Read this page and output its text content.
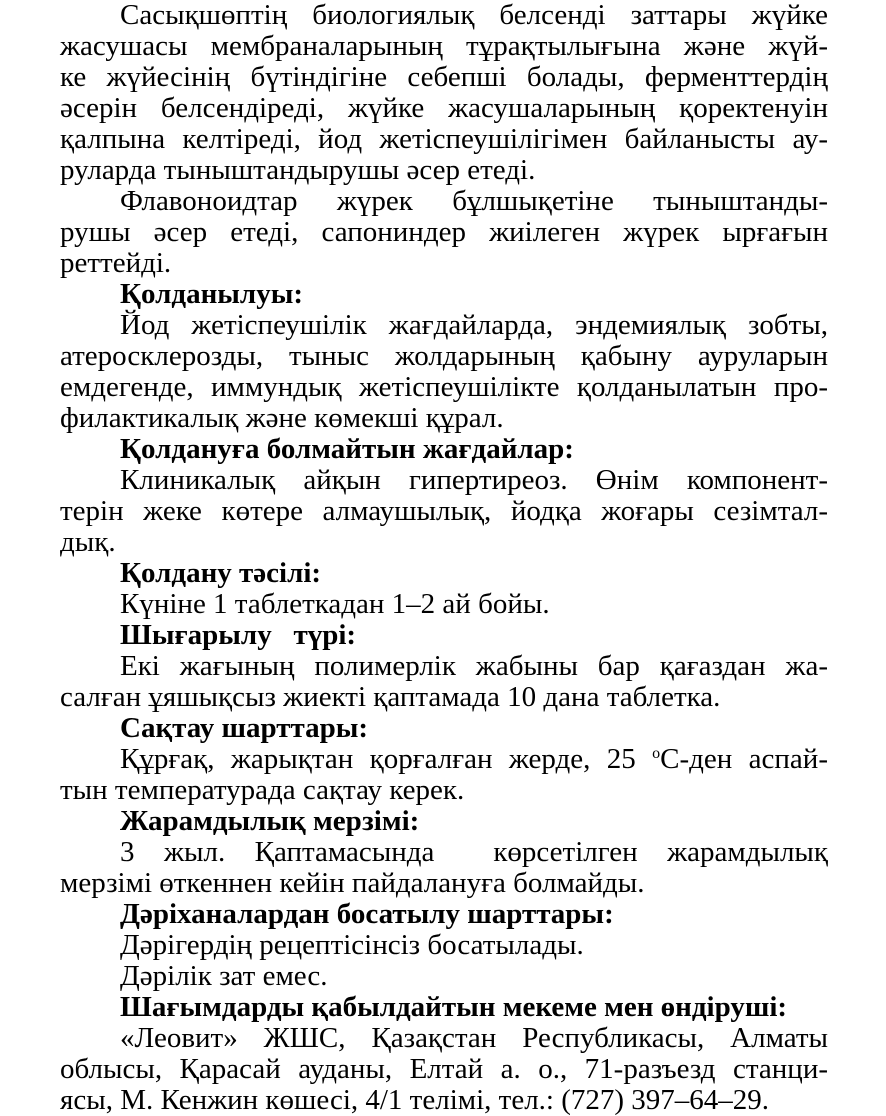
Сасықшөптің биологиялық белсенді заттары жүйке
жасушасы мембраналарының тұрақтылығына және жүй-
ке жүйесінің бүтіндігіне себепші болады, ферменттердің
әсерін белсендіреді, жүйке жасушаларының қоректенуін
қалпына келтіреді, йод жетіспеушілігімен байланысты ау-
руларда тыныштандырушы әсер етеді.
Флавоноидтар жүрек бұлшықетіне тыныштанды-
рушы әсер етеді, сапониндер жиілеген жүрек ырғағын
реттейді.
Қолданылуы:
Йод жетіспеушілік жағдайларда, эндемиялық зобты,
атеросклерозды, тыныс жолдарының қабыну ауруларын
емдегенде, иммундық жетіспеушілікте қолданылатын про-
филактикалық және көмекші құрал.
Қолдануға болмайтын жағдайлар:
Клиникалық айқын гипертиреоз. Өнім компонент-
терін жеке көтере алмаушылық, йодқа жоғары сезімтал-
дық.
Қолдану тәсілі:
Күніне 1 таблеткадан 1–2 ай бойы.
Шығарылу   түрі:
Екі жағының полимерлік жабыны бар қағаздан жа-
салған ұяшықсыз жиекті қаптамада 10 дана таблетка.
Сақтау шарттары:
Құрғақ, жарықтан қорғалған жерде, 25 $^о$С-ден аспай-
тын температурада сақтау керек.
Жарамдылық мерзімі:
3 жыл. Қаптамасында  көрсетілген жарамдылық
мерзімі өткеннен кейін пайдалануға болмайды.
Дәріханалардан босатылу шарттары:
Дәрігердің рецептісінсіз босатылады.
Дәрілік зат емес.
Шағымдарды қабылдайтын мекеме мен өндіруші:
«Леовит» ЖШС, Қазақстан Республикасы, Алматы
облысы, Қарасай ауданы, Елтай а. о., 71-разъезд станци-
ясы, М. Кенжин көшесі, 4/1 телімі, тел.: (727) 397–64–29.
